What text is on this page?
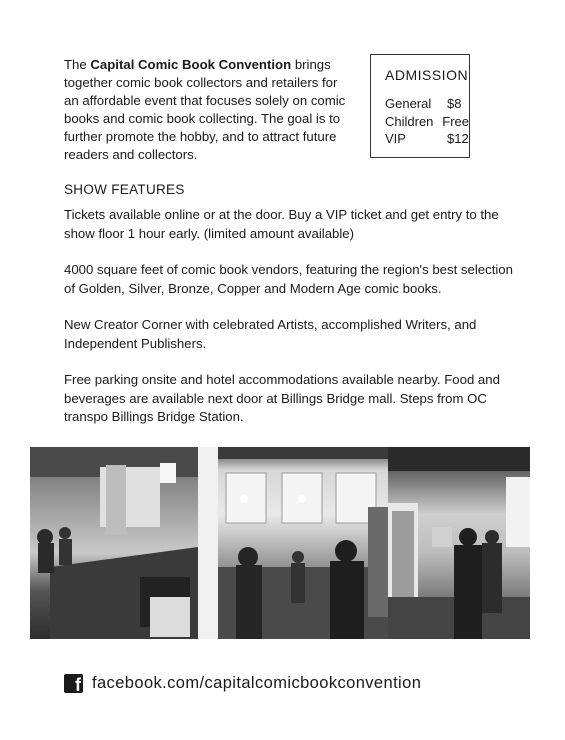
The Capital Comic Book Convention brings together comic book collectors and retailers for an affordable event that focuses solely on comic books and comic book collecting. The goal is to further promote the hobby, and to attract future readers and collectors.
ADMISSION
General	$8
Children Free
VIP	$12
SHOW FEATURES

Tickets available online or at the door. Buy a VIP ticket and get entry to the show floor 1 hour early. (limited amount available)

4000 square feet of comic book vendors, featuring the region's best selection of Golden, Silver, Bronze, Copper and Modern Age comic books.

New Creator Corner with celebrated Artists, accomplished Writers, and Independent Publishers.

Free parking onsite and hotel accommodations available nearby. Food and beverages are available next door at Billings Bridge mall. Steps from OC transpo Billings Bridge Station.

f facebook.com/capitalcomicbookconvention
